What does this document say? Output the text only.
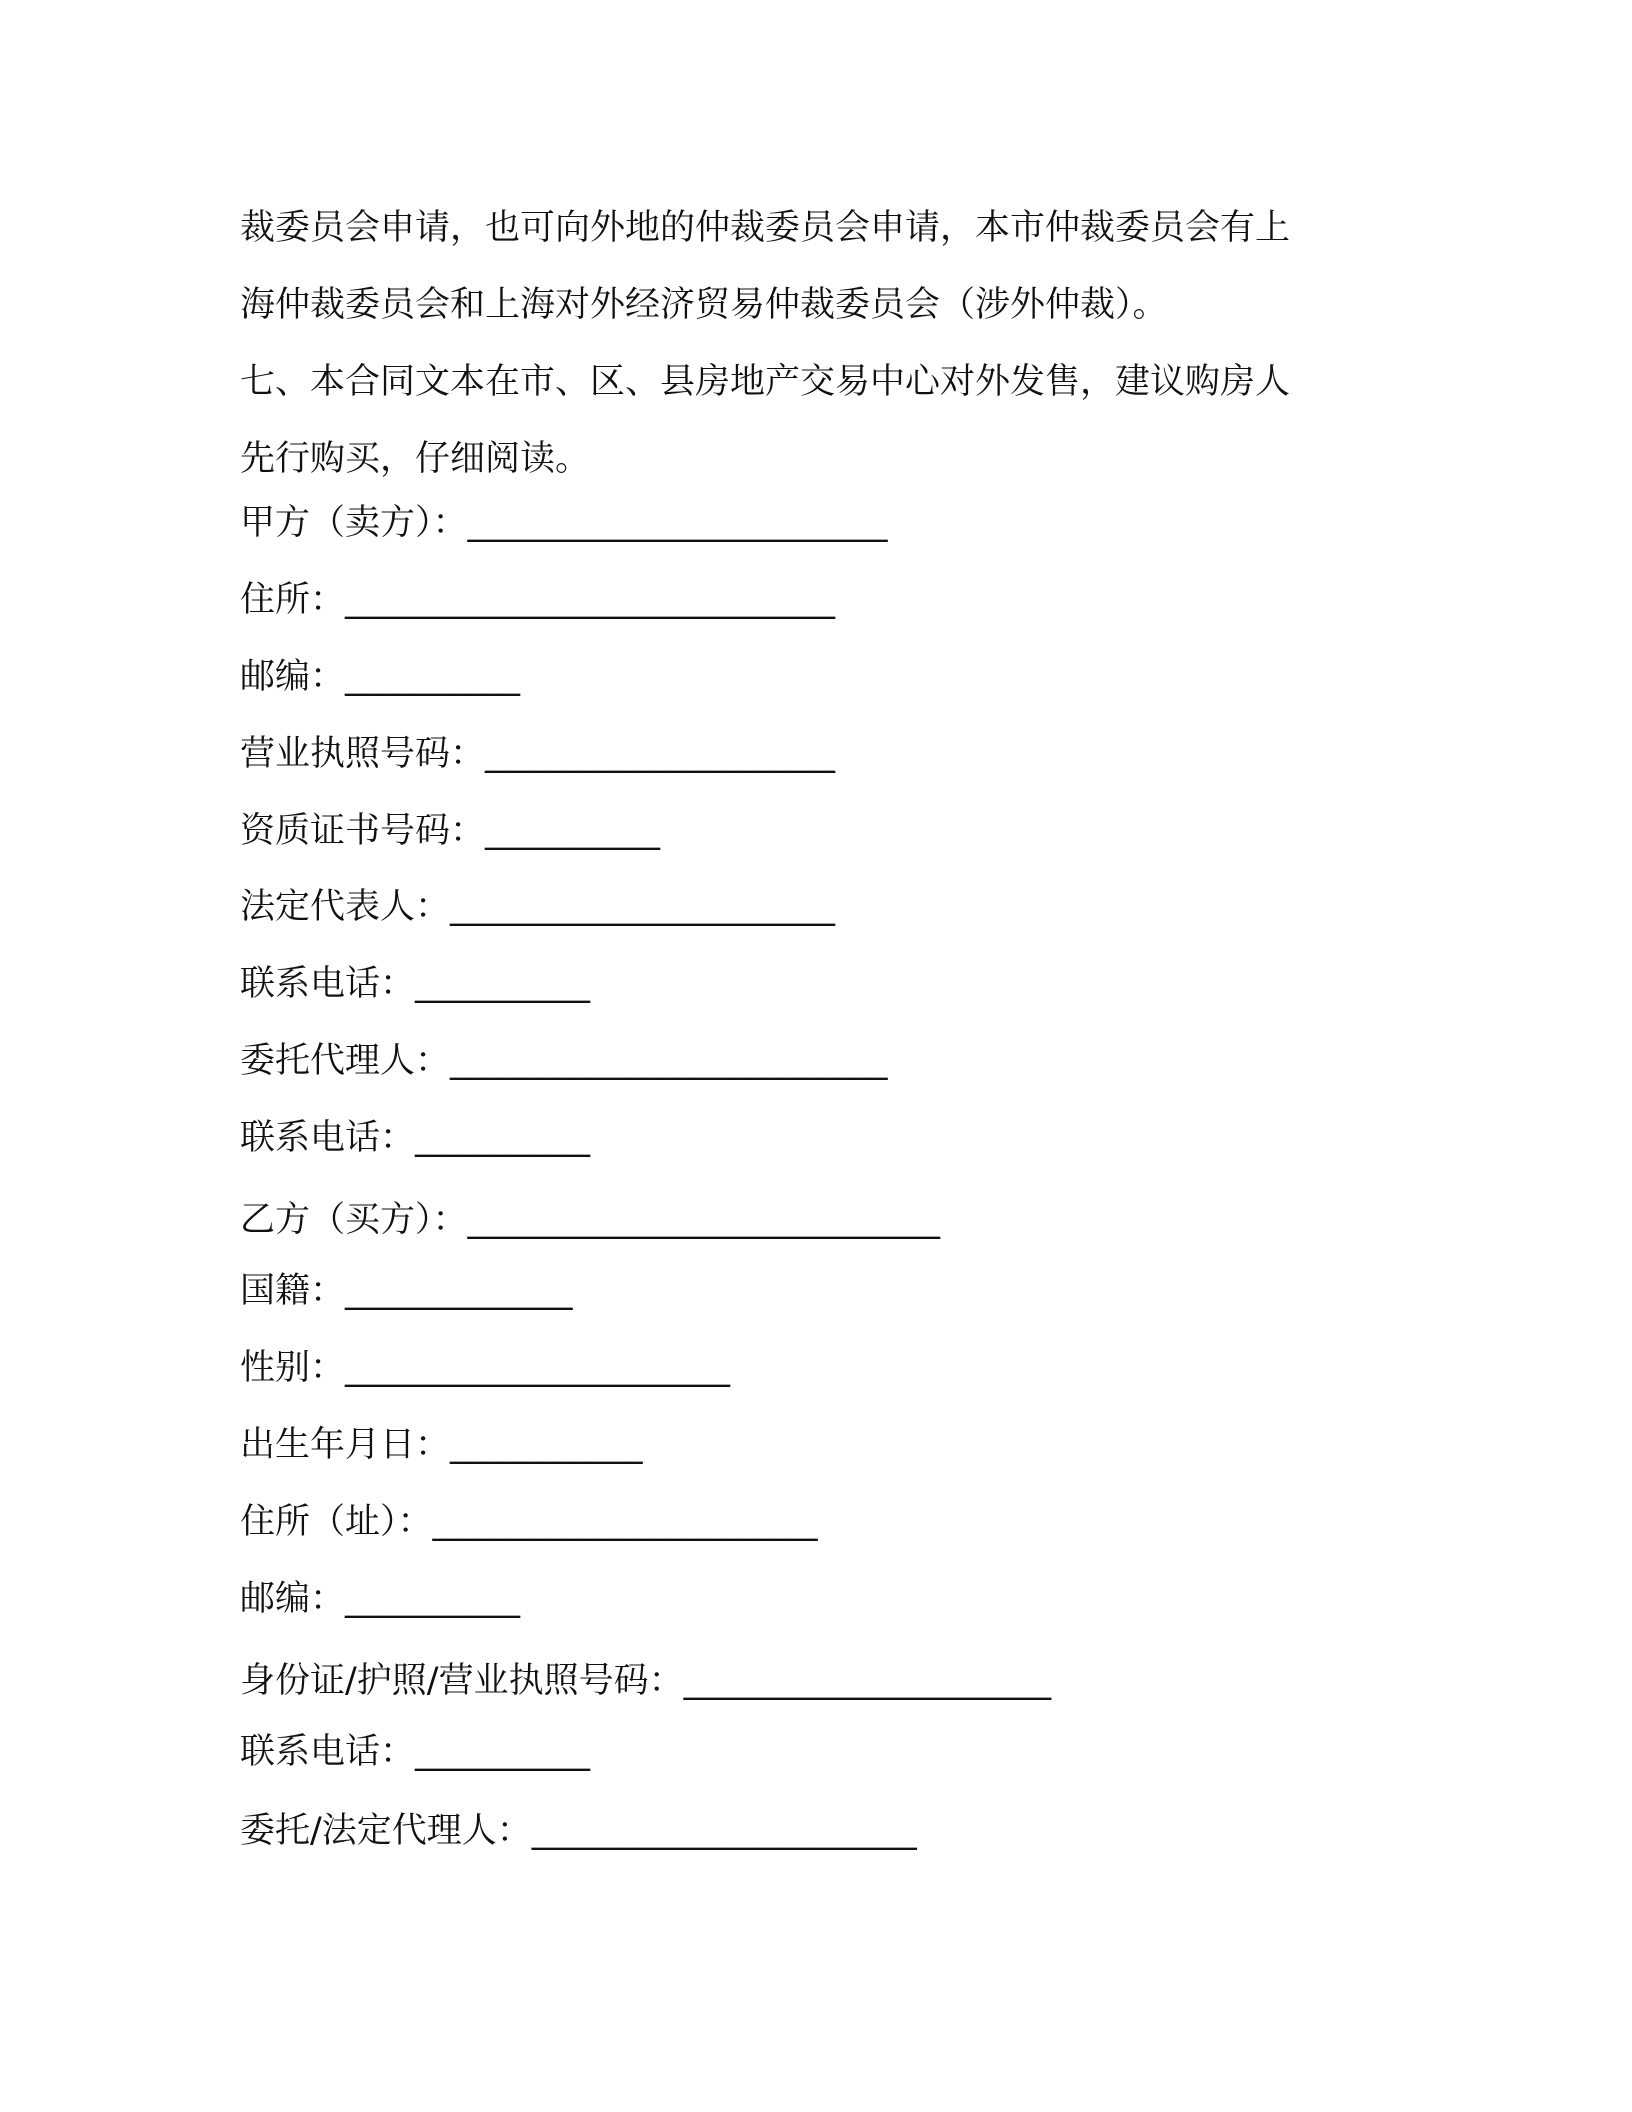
裁委员会申请，也可向外地的仲裁委员会申请，本市仲裁委员会有上

海仲裁委员会和上海对外经济贸易仲裁委员会（涉外仲裁）。

七、本合同文本在市、区、县房地产交易中心对外发售，建议购房人

先行购买，仔细阅读。

甲方（卖方）：________________________
住所：____________________________
邮编：__________
营业执照号码：____________________
资质证书号码：__________
法定代表人：______________________
联系电话：__________
委托代理人：_________________________
联系电话：__________
乙方（买方）：___________________________
国籍：_____________
性别：______________________
出生年月日：___________
住所（址）：______________________
邮编：__________
身份证/护照/营业执照号码：_____________________
联系电话：__________
委托/法定代理人：______________________
